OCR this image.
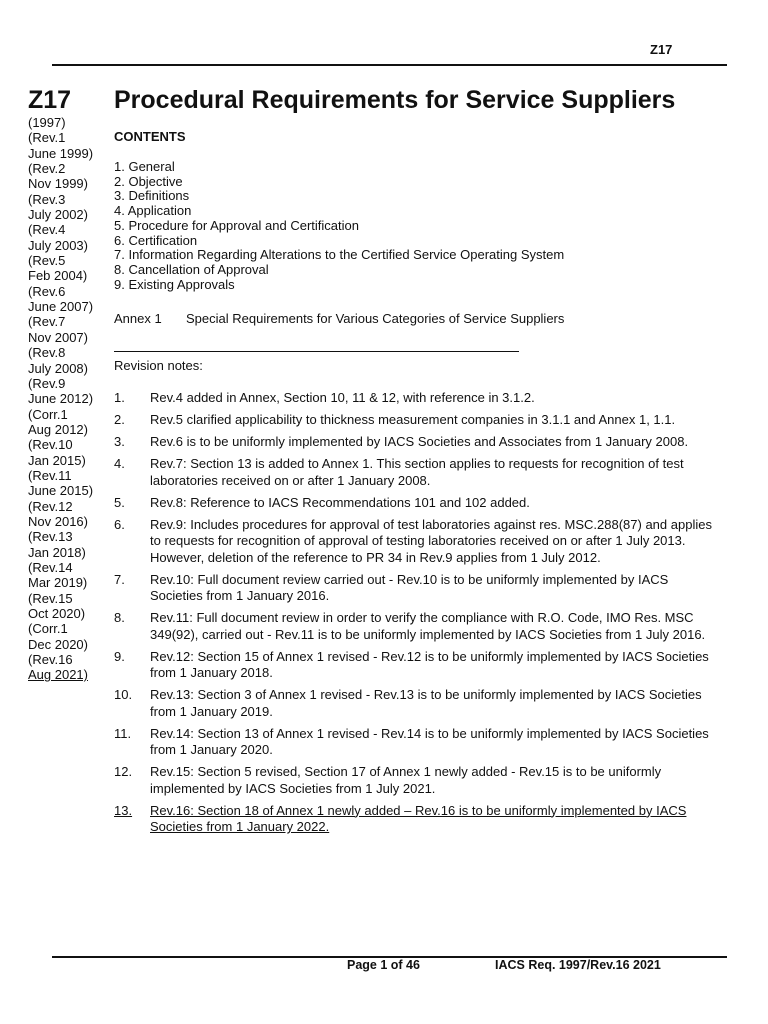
Z17
Z17 Procedural Requirements for Service Suppliers
(1997)
(Rev.1
June 1999)
(Rev.2
Nov 1999)
(Rev.3
July 2002)
(Rev.4
July 2003)
(Rev.5
Feb 2004)
(Rev.6
June 2007)
(Rev.7
Nov 2007)
(Rev.8
July 2008)
(Rev.9
June 2012)
(Corr.1
Aug 2012)
(Rev.10
Jan 2015)
(Rev.11
June 2015)
(Rev.12
Nov 2016)
(Rev.13
Jan 2018)
(Rev.14
Mar 2019)
(Rev.15
Oct 2020)
(Corr.1
Dec 2020)
(Rev.16
Aug 2021)
CONTENTS
1. General
2. Objective
3. Definitions
4. Application
5. Procedure for Approval and Certification
6. Certification
7. Information Regarding Alterations to the Certified Service Operating System
8. Cancellation of Approval
9. Existing Approvals
Annex 1 Special Requirements for Various Categories of Service Suppliers
Revision notes:
1.	Rev.4 added in Annex, Section 10, 11 & 12, with reference in 3.1.2.
2.	Rev.5 clarified applicability to thickness measurement companies in 3.1.1 and Annex 1, 1.1.
3.	Rev.6 is to be uniformly implemented by IACS Societies and Associates from 1 January 2008.
4.	Rev.7: Section 13 is added to Annex 1. This section applies to requests for recognition of test laboratories received on or after 1 January 2008.
5.	Rev.8: Reference to IACS Recommendations 101 and 102 added.
6.	Rev.9: Includes procedures for approval of test laboratories against res. MSC.288(87) and applies to requests for recognition of approval of testing laboratories received on or after 1 July 2013. However, deletion of the reference to PR 34 in Rev.9 applies from 1 July 2012.
7.	Rev.10: Full document review carried out - Rev.10 is to be uniformly implemented by IACS Societies from 1 January 2016.
8.	Rev.11: Full document review in order to verify the compliance with R.O. Code, IMO Res. MSC 349(92), carried out - Rev.11 is to be uniformly implemented by IACS Societies from 1 July 2016.
9.	Rev.12: Section 15 of Annex 1 revised - Rev.12 is to be uniformly implemented by IACS Societies from 1 January 2018.
10.	Rev.13: Section 3 of Annex 1 revised - Rev.13 is to be uniformly implemented by IACS Societies from 1 January 2019.
11.	Rev.14: Section 13 of Annex 1 revised - Rev.14 is to be uniformly implemented by IACS Societies from 1 January 2020.
12.	Rev.15: Section 5 revised, Section 17 of Annex 1 newly added - Rev.15 is to be uniformly implemented by IACS Societies from 1 July 2021.
13.	Rev.16: Section 18 of Annex 1 newly added – Rev.16 is to be uniformly implemented by IACS Societies from 1 January 2022.
Page 1 of 46	IACS Req. 1997/Rev.16 2021
